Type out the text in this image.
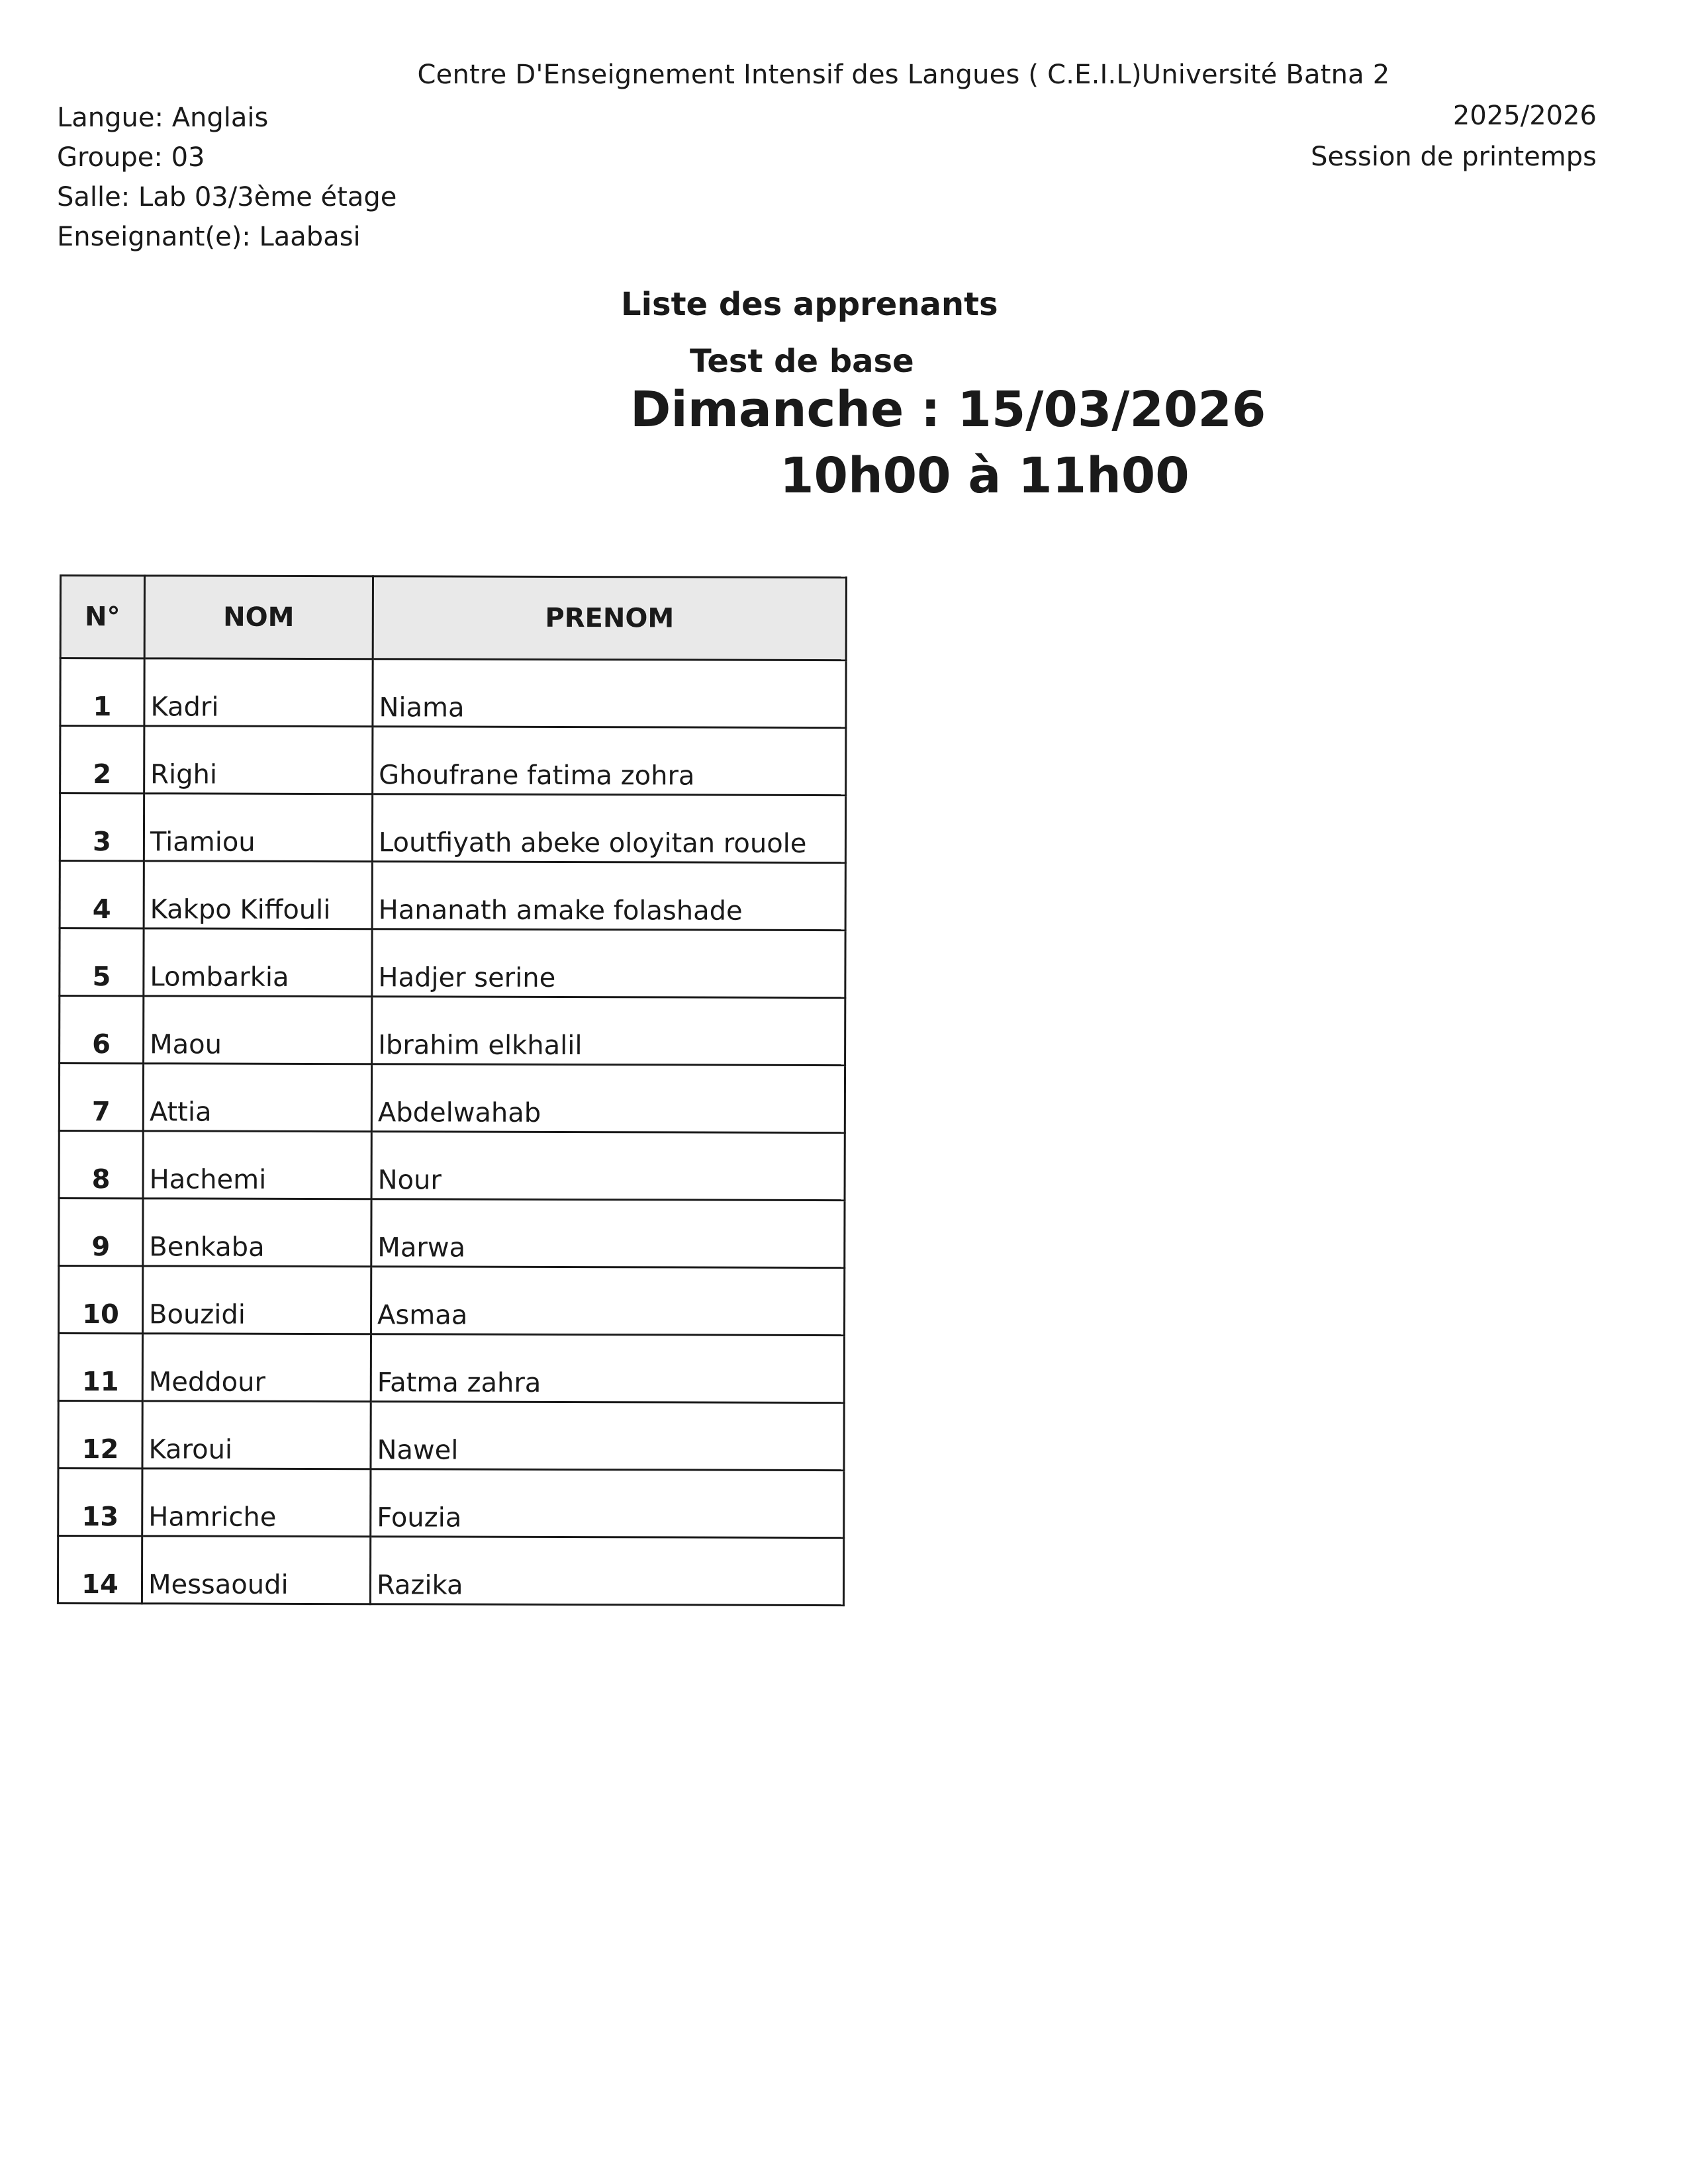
Centre D'Enseignement Intensif des Langues ( C.E.I.L)Université Batna 2
Langue: Anglais
Groupe: 03
Salle: Lab 03/3ème étage
Enseignant(e): Laabasi
2025/2026
Session de printemps
Liste des apprenants
Test de base
Dimanche : 15/03/2026
10h00 à 11h00
N°	NOM	PRENOM
1	Kadri	Niama
2	Righi	Ghoufrane fatima zohra
3	Tiamiou	Loutfiyath abeke oloyitan rouole
4	Kakpo Kiffouli	Hananath amake folashade
5	Lombarkia	Hadjer serine
6	Maou	Ibrahim elkhalil
7	Attia	Abdelwahab
8	Hachemi	Nour
9	Benkaba	Marwa
10	Bouzidi	Asmaa
11	Meddour	Fatma zahra
12	Karoui	Nawel
13	Hamriche	Fouzia
14	Messaoudi	Razika
